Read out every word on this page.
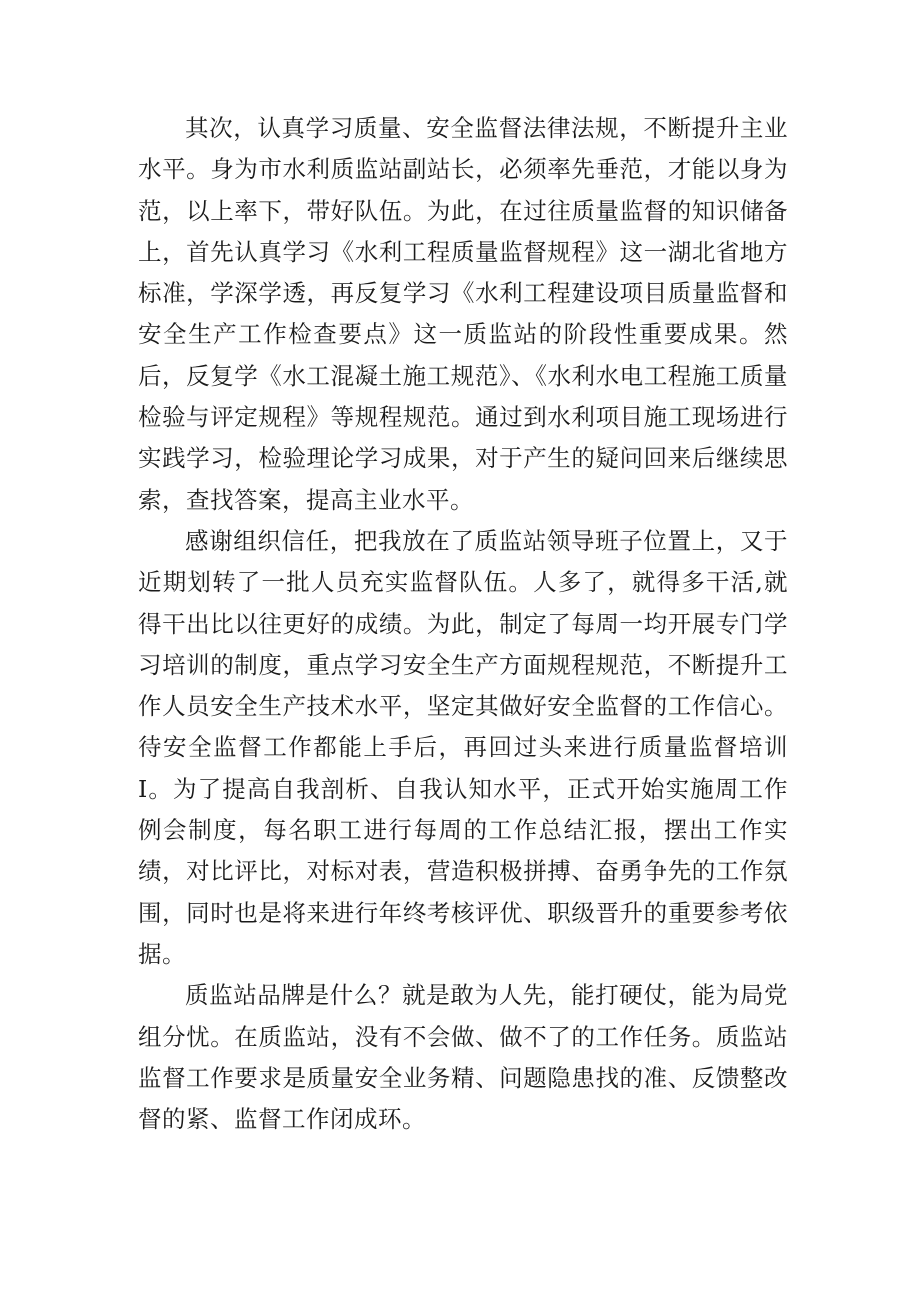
其次，认真学习质量、安全监督法律法规，不断提升主业水平。身为市水利质监站副站长，必须率先垂范，才能以身为范，以上率下，带好队伍。为此，在过往质量监督的知识储备上，首先认真学习《水利工程质量监督规程》这一湖北省地方标准，学深学透，再反复学习《水利工程建设项目质量监督和安全生产工作检查要点》这一质监站的阶段性重要成果。然后，反复学《水工混凝土施工规范》、《水利水电工程施工质量检验与评定规程》等规程规范。通过到水利项目施工现场进行实践学习，检验理论学习成果，对于产生的疑问回来后继续思索，查找答案，提高主业水平。

感谢组织信任，把我放在了质监站领导班子位置上，又于近期划转了一批人员充实监督队伍。人多了，就得多干活,就得干出比以往更好的成绩。为此，制定了每周一均开展专门学习培训的制度，重点学习安全生产方面规程规范，不断提升工作人员安全生产技术水平，坚定其做好安全监督的工作信心。待安全监督工作都能上手后，再回过头来进行质量监督培训I。为了提高自我剖析、自我认知水平，正式开始实施周工作例会制度，每名职工进行每周的工作总结汇报，摆出工作实绩，对比评比，对标对表，营造积极拼搏、奋勇争先的工作氛围，同时也是将来进行年终考核评优、职级晋升的重要参考依据。

质监站品牌是什么？就是敢为人先，能打硬仗，能为局党组分忧。在质监站，没有不会做、做不了的工作任务。质监站监督工作要求是质量安全业务精、问题隐患找的准、反馈整改督的紧、监督工作闭成环。
